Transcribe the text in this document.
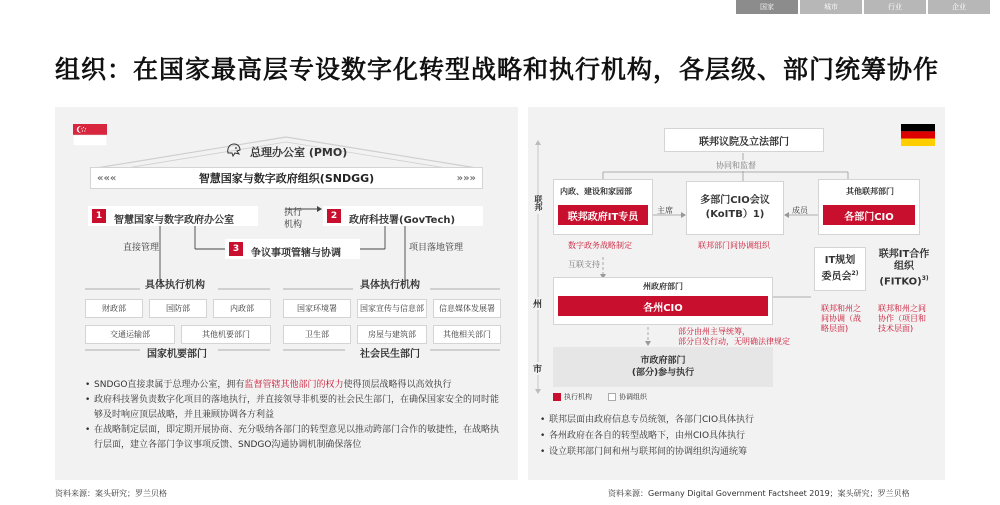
国家	城市	行业	企业
组织：在国家最高层专设数字化转型战略和执行机构，各层级、部门统筹协作
总理办公室 (PMO)
«««	智慧国家与数字政府组织(SNDGG)	»»»
1	智慧国家与数字政府办公室
执行
机构
2	政府科技署(GovTech)
3	争议事项管辖与协调
直接管理	项目落地管理
具体执行机构	具体执行机构
财政部	国防部	内政部
交通运输部	其他机要部门
国家环境署	国家宣传与信息部	信息媒体发展署
卫生部	房屋与建筑部	其他相关部门
国家机要部门	社会民生部门
• SNDGO直接隶属于总理办公室，拥有监督管辖其他部门的权力使得顶层战略得以高效执行
• 政府科技署负责数字化项目的落地执行，并直接领导非机要的社会民生部门，在确保国家安全的同时能够及时响应顶层战略，并且兼顾协调各方利益
• 在战略制定层面，即定期开展协商、充分吸纳各部门的转型意见以推动跨部门合作的敏捷性，在战略执行层面，建立各部门争议事项反馈、SNDGO沟通协调机制确保落位
联邦议院及立法部门
协同和监督
联邦
州
市
内政、建设和家园部
联邦政府IT专员
主席
多部门CIO会议
(KoITB）1)	成员
其他联邦部门
各部门CIO
数字政务战略制定	联邦部门间协调组织
互联支持	IT规划
委员会$^{2)}$
联邦IT合作
组织
(FITKO)$^{3)}$
联邦和州之
间协调（战
略层面)
联邦和州之间
协作（项目和
技术层面)
州政府部门
各州CIO
部分由州主导统筹，
部分自发行动，无明确法律规定
市政府部门
(部分)参与执行
执行机构	协调组织
• 联邦层面由政府信息专员统领，各部门CIO具体执行
• 各州政府在各自的转型战略下，由州CIO具体执行
• 设立联邦部门间和州与联邦间的协调组织沟通统筹
资料来源：案头研究；罗兰贝格	资料来源：Germany Digital Government Factsheet 2019；案头研究；罗兰贝格
